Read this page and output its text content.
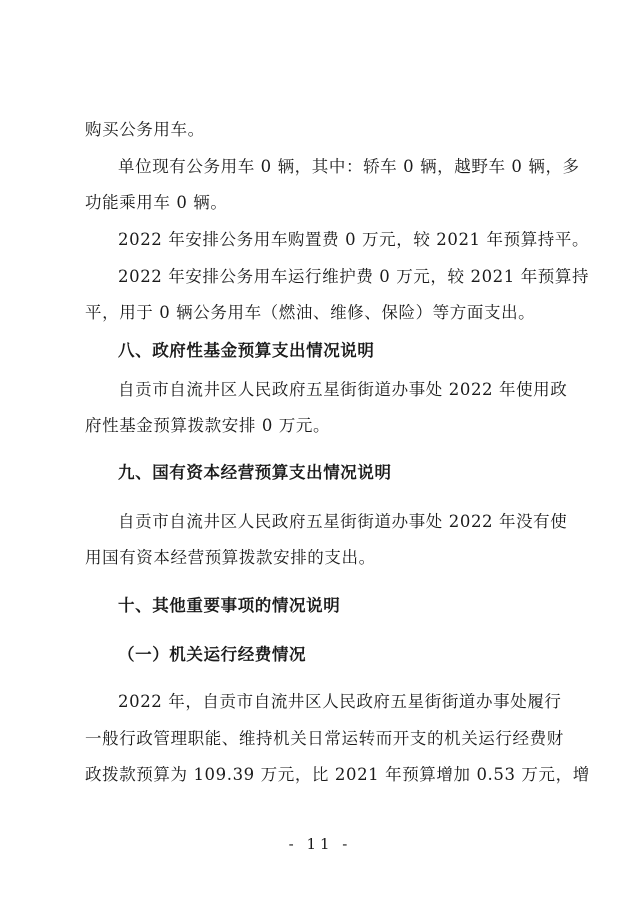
购买公务用车。
单位现有公务用车 0 辆，其中：轿车 0 辆，越野车 0 辆，多
功能乘用车 0 辆。
2022 年安排公务用车购置费 0 万元，较 2021 年预算持平。
2022 年安排公务用车运行维护费 0 万元，较 2021 年预算持
平，用于 0 辆公务用车（燃油、维修、保险）等方面支出。
八、政府性基金预算支出情况说明
自贡市自流井区人民政府五星街街道办事处 2022 年使用政
府性基金预算拨款安排 0 万元。
九、国有资本经营预算支出情况说明
自贡市自流井区人民政府五星街街道办事处 2022 年没有使
用国有资本经营预算拨款安排的支出。
十、其他重要事项的情况说明
（一）机关运行经费情况
2022 年，自贡市自流井区人民政府五星街街道办事处履行
一般行政管理职能、维持机关日常运转而开支的机关运行经费财
政拨款预算为 109.39 万元，比 2021 年预算增加 0.53 万元，增
- 11 -
